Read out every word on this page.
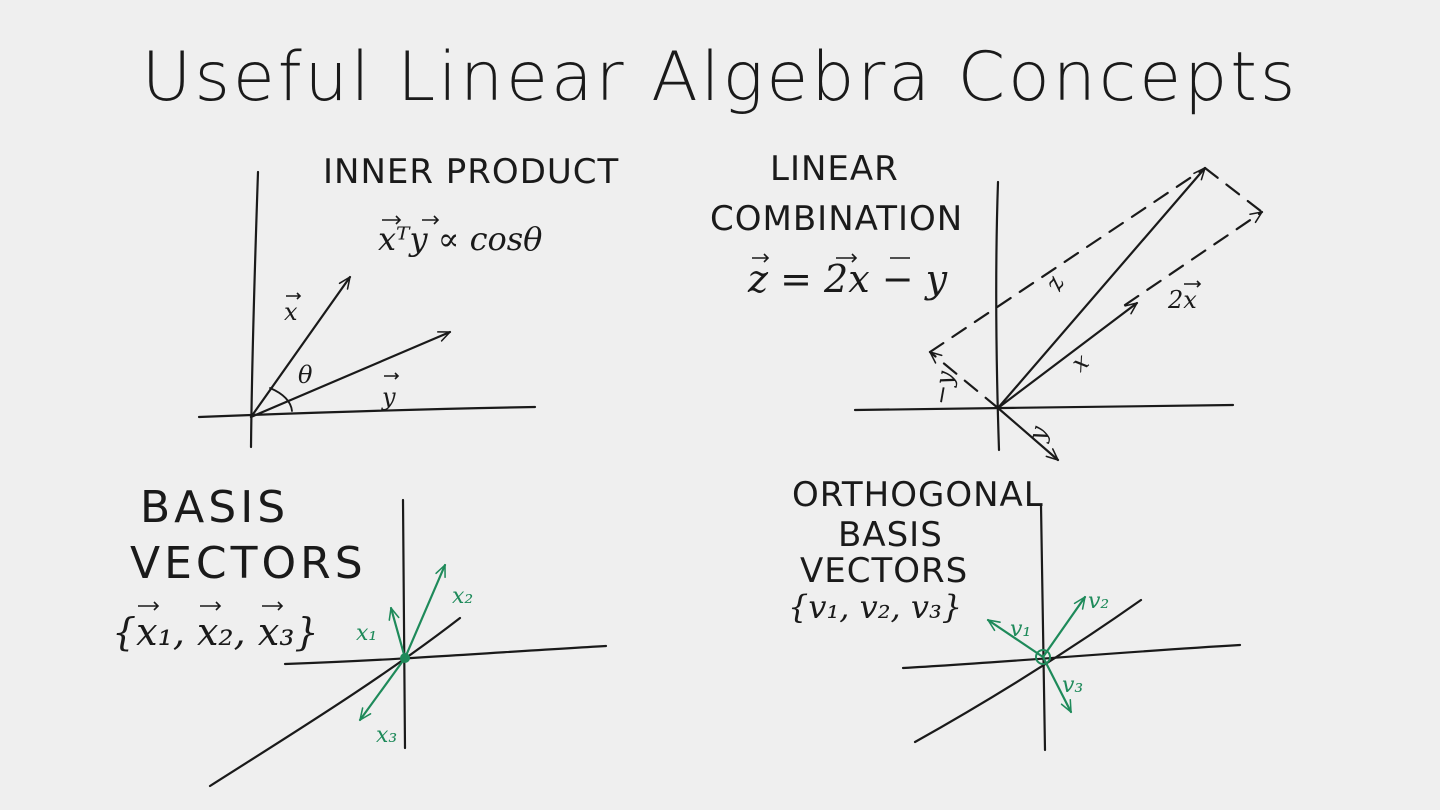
Useful Linear Algebra Concepts
INNER PRODUCT
xᵀy ∝ cosθ
x
θ
y
LINEAR
COMBINATION
z = 2x − y	z
2x
x
y
−y
BASIS
VECTORS
{x₁, x₂, x₃} x₁
x₂
x₃
ORTHOGONAL
BASIS
VECTORS
{v₁, v₂, v₃}
v₁
v₂
v₃
